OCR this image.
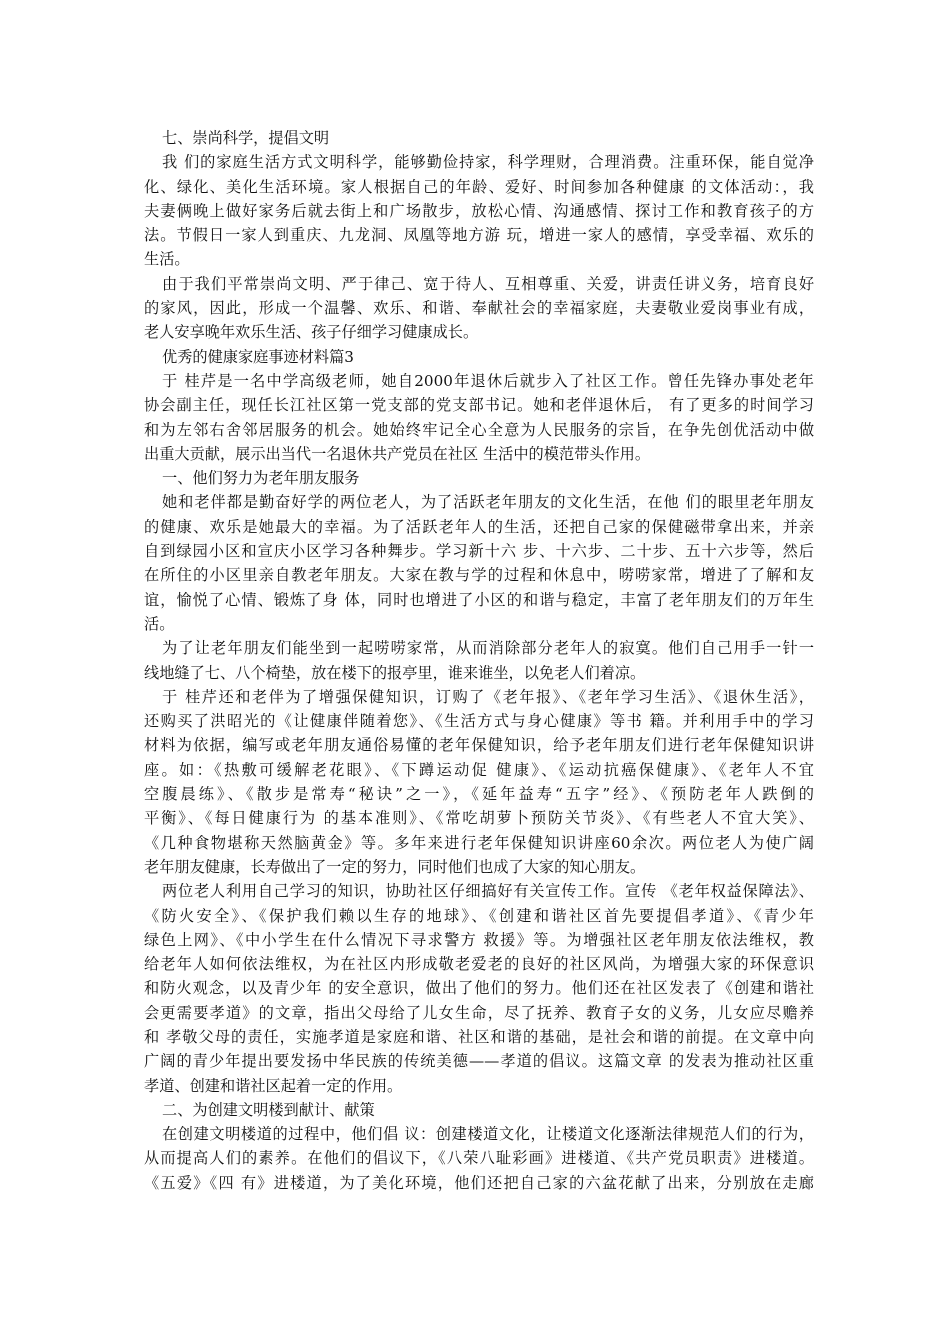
七、崇尚科学，提倡文明
我 们的家庭生活方式文明科学，能够勤俭持家，科学理财，合理消费。注重环保，能自觉净
化、绿化、美化生活环境。家人根据自己的年龄、爱好、时间参加各种健康 的文体活动：，我
夫妻俩晚上做好家务后就去街上和广场散步，放松心情、沟通感情、探讨工作和教育孩子的方
法。节假日一家人到重庆、九龙洞、凤凰等地方游 玩，增进一家人的感情，享受幸福、欢乐的
生活。
由于我们平常崇尚文明、严于律己、宽于待人、互相尊重、关爱，讲责任讲义务，培育良好
的家风，因此，形成一个温馨、欢乐、和谐、奉献社会的幸福家庭，夫妻敬业爱岗事业有成，
老人安享晚年欢乐生活、孩子仔细学习健康成长。
优秀的健康家庭事迹材料篇3
于 桂芹是一名中学高级老师，她自2000年退休后就步入了社区工作。曾任先锋办事处老年
协会副主任，现任长江社区第一党支部的党支部书记。她和老伴退休后， 有了更多的时间学习
和为左邻右舍邻居服务的机会。她始终牢记全心全意为人民服务的宗旨，在争先创优活动中做
出重大贡献，展示出当代一名退休共产党员在社区 生活中的模范带头作用。
一、他们努力为老年朋友服务
她和老伴都是勤奋好学的两位老人，为了活跃老年朋友的文化生活，在他 们的眼里老年朋友
的健康、欢乐是她最大的幸福。为了活跃老年人的生活，还把自己家的保健磁带拿出来，并亲
自到绿园小区和宣庆小区学习各种舞步。学习新十六 步、十六步、二十步、五十六步等，然后
在所住的小区里亲自教老年朋友。大家在教与学的过程和休息中，唠唠家常，增进了了解和友
谊，愉悦了心情、锻炼了身 体，同时也增进了小区的和谐与稳定，丰富了老年朋友们的万年生
活。
为了让老年朋友们能坐到一起唠唠家常，从而消除部分老年人的寂寞。他们自己用手一针一
线地缝了七、八个椅垫，放在楼下的报亭里，谁来谁坐，以免老人们着凉。
于 桂芹还和老伴为了增强保健知识，订购了《老年报》、《老年学习生活》、《退休生活》，
还购买了洪昭光的《让健康伴随着您》、《生活方式与身心健康》等书 籍。并利用手中的学习
材料为依据，编写或老年朋友通俗易懂的老年保健知识，给予老年朋友们进行老年保健知识讲
座。如：《热敷可缓解老花眼》、《下蹲运动促 健康》、《运动抗癌保健康》、《老年人不宜
空腹晨练》、《散步是常寿“秘诀”之一》，《延年益寿“五字”经》、《预防老年人跌倒的
平衡》、《每日健康行为 的基本准则》、《常吃胡萝卜预防关节炎》、《有些老人不宜大笑》、
《几种食物堪称天然脑黄金》等。多年来进行老年保健知识讲座60余次。两位老人为使广阔
老年朋友健康，长寿做出了一定的努力，同时他们也成了大家的知心朋友。
两位老人利用自己学习的知识，协助社区仔细搞好有关宣传工作。宣传 《老年权益保障法》、
《防火安全》、《保护我们赖以生存的地球》、《创建和谐社区首先要提倡孝道》、《青少年
绿色上网》、《中小学生在什么情况下寻求警方 救援》等。为增强社区老年朋友依法维权，教
给老年人如何依法维权，为在社区内形成敬老爱老的良好的社区风尚，为增强大家的环保意识
和防火观念，以及青少年 的安全意识，做出了他们的努力。他们还在社区发表了《创建和谐社
会更需要孝道》的文章，指出父母给了儿女生命，尽了抚养、教育子女的义务，儿女应尽赡养
和 孝敬父母的责任，实施孝道是家庭和谐、社区和谐的基础，是社会和谐的前提。在文章中向
广阔的青少年提出要发扬中华民族的传统美德——孝道的倡议。这篇文章 的发表为推动社区重
孝道、创建和谐社区起着一定的作用。
二、为创建文明楼到献计、献策
在创建文明楼道的过程中，他们倡 议：创建楼道文化，让楼道文化逐渐法律规范人们的行为，
从而提高人们的素养。在他们的倡议下，《八荣八耻彩画》进楼道、《共产党员职责》进楼道。
《五爱》《四 有》进楼道，为了美化环境，他们还把自己家的六盆花献了出来，分别放在走廊
